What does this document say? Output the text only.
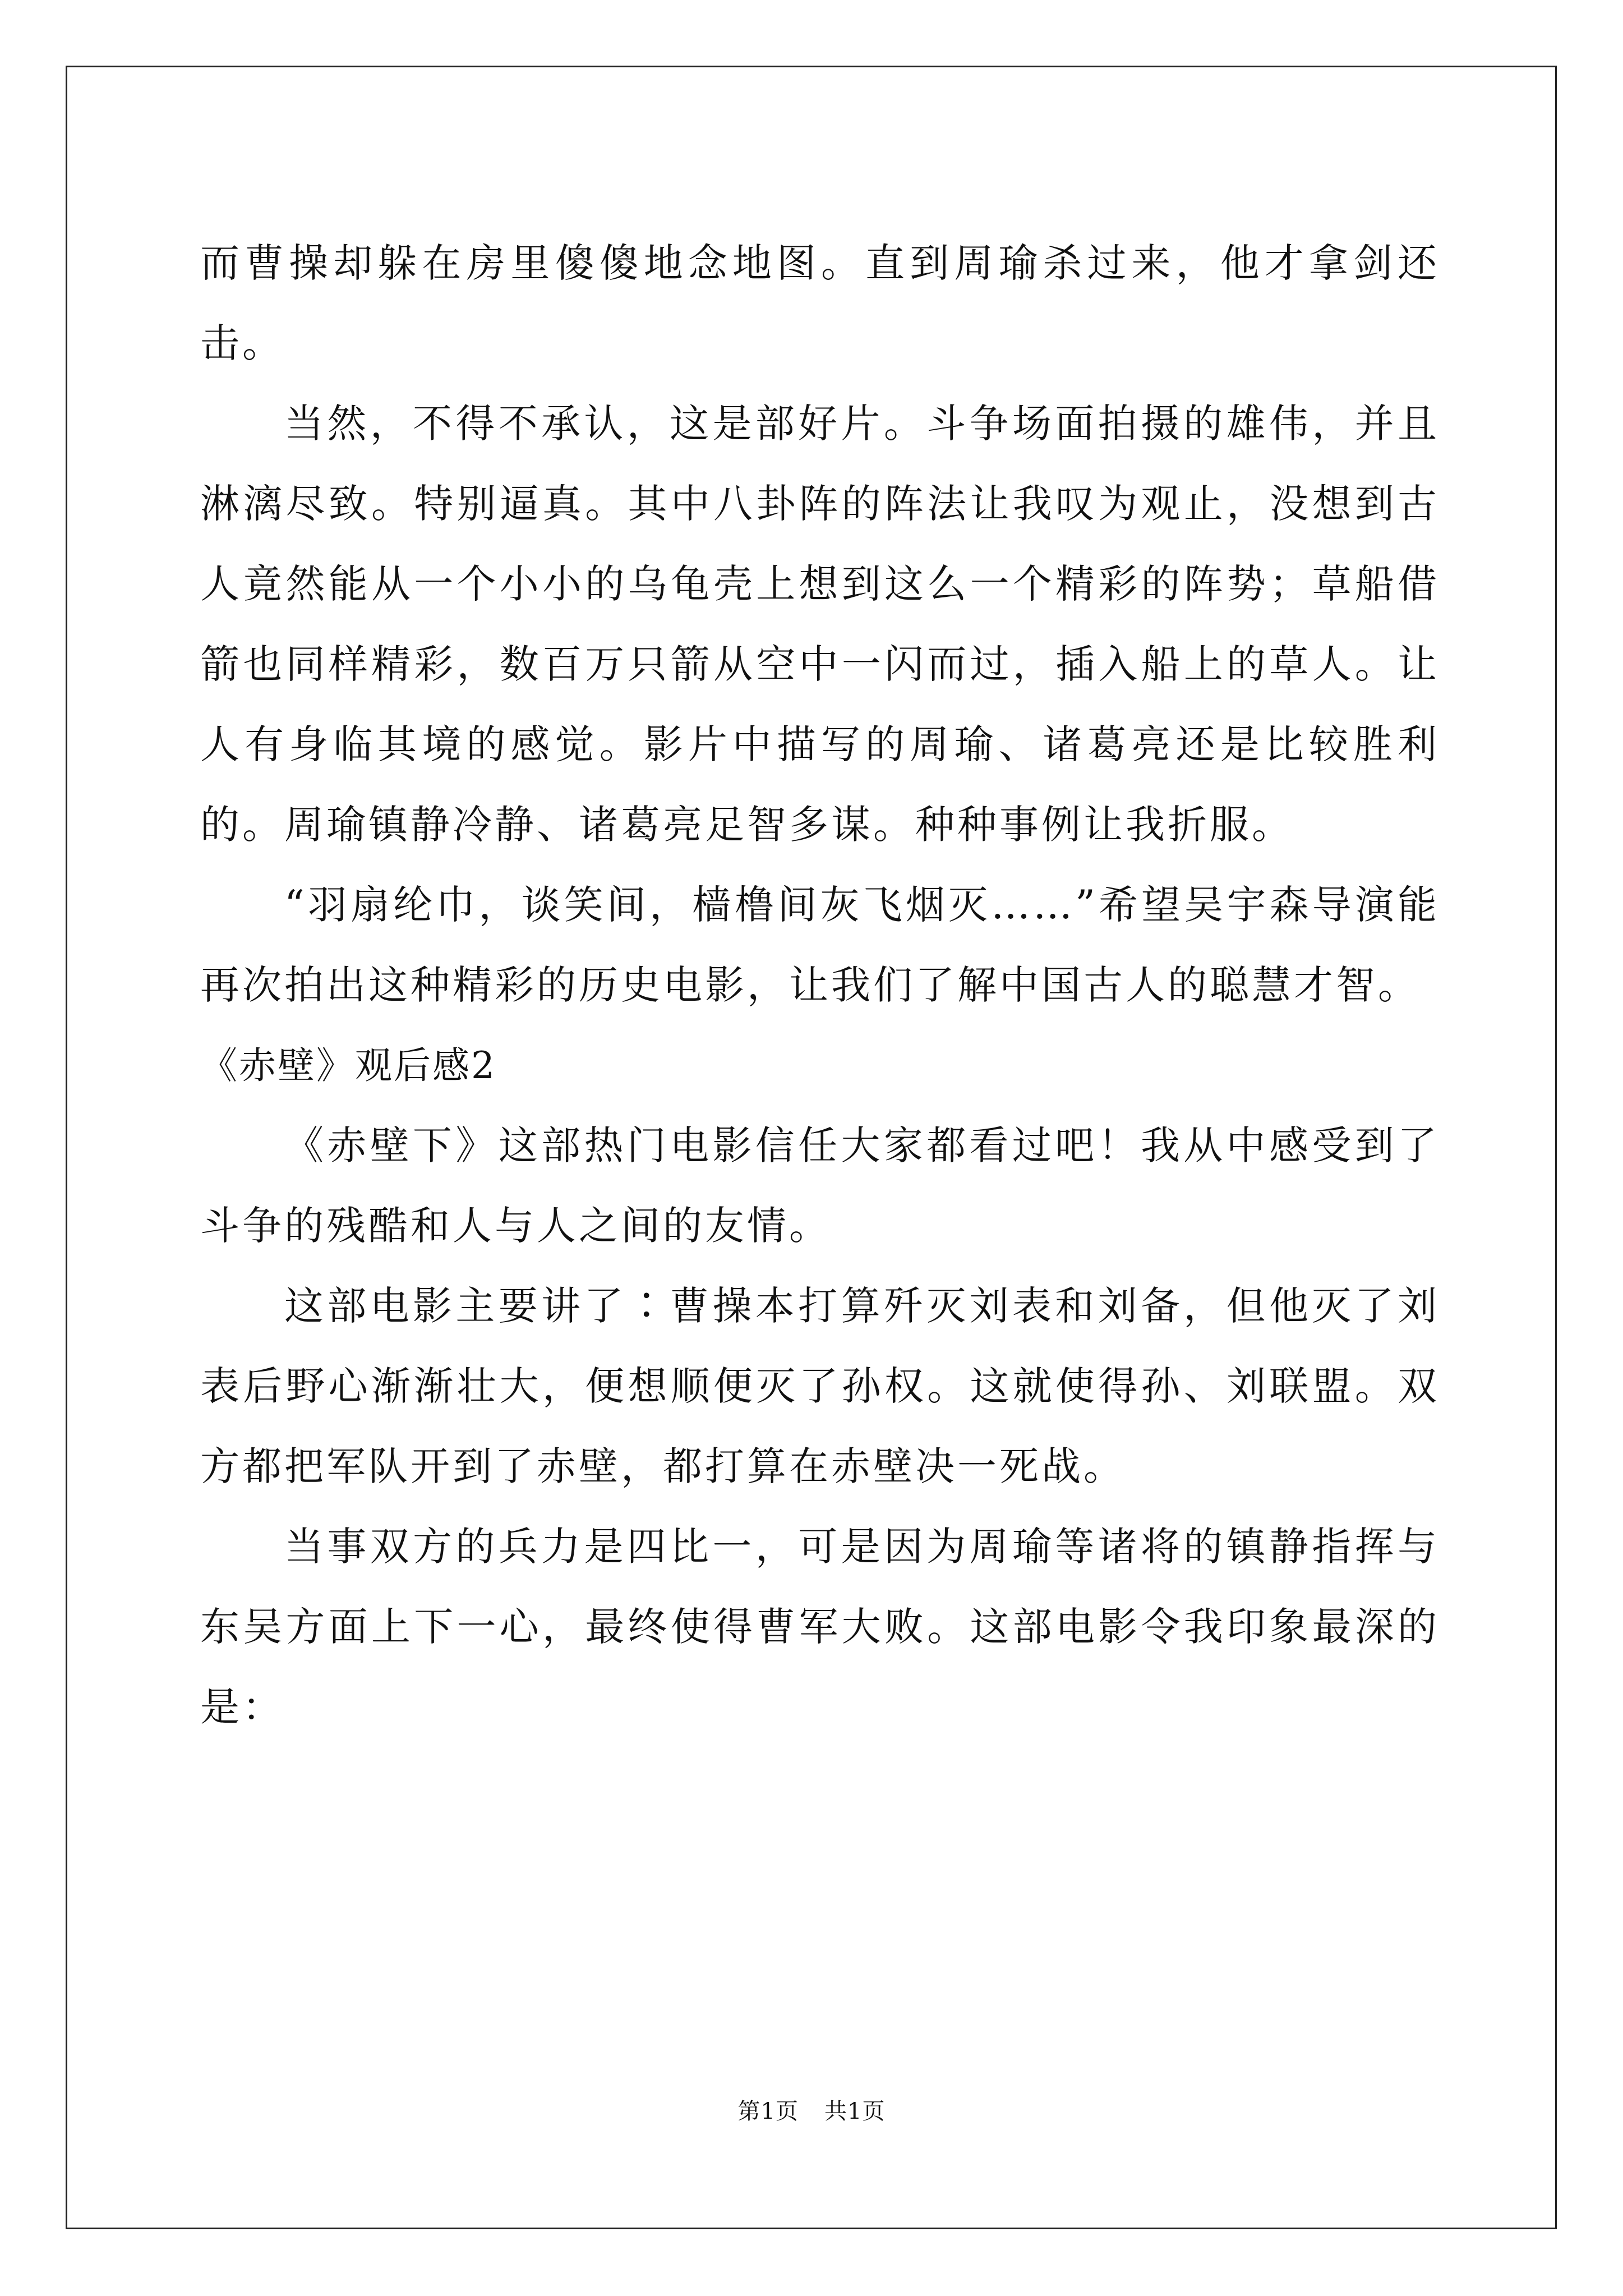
而曹操却躲在房里傻傻地念地图。直到周瑜杀过来，他才拿剑还击。

当然，不得不承认，这是部好片。斗争场面拍摄的雄伟，并且淋漓尽致。特别逼真。其中八卦阵的阵法让我叹为观止，没想到古人竟然能从一个小小的乌龟壳上想到这么一个精彩的阵势；草船借箭也同样精彩，数百万只箭从空中一闪而过，插入船上的草人。让人有身临其境的感觉。影片中描写的周瑜、诸葛亮还是比较胜利的。周瑜镇静冷静、诸葛亮足智多谋。种种事例让我折服。

“羽扇纶巾，谈笑间，樯橹间灰飞烟灭……”希望吴宇森导演能再次拍出这种精彩的历史电影，让我们了解中国古人的聪慧才智。

《赤壁》观后感2

《赤壁下》这部热门电影信任大家都看过吧！我从中感受到了斗争的残酷和人与人之间的友情。

这部电影主要讲了∶曹操本打算歼灭刘表和刘备，但他灭了刘表后野心渐渐壮大，便想顺便灭了孙权。这就使得孙、刘联盟。双方都把军队开到了赤壁，都打算在赤壁决一死战。

当事双方的兵力是四比一，可是因为周瑜等诸将的镇静指挥与东吴方面上下一心，最终使得曹军大败。这部电影令我印象最深的是：

第1页 共1页
